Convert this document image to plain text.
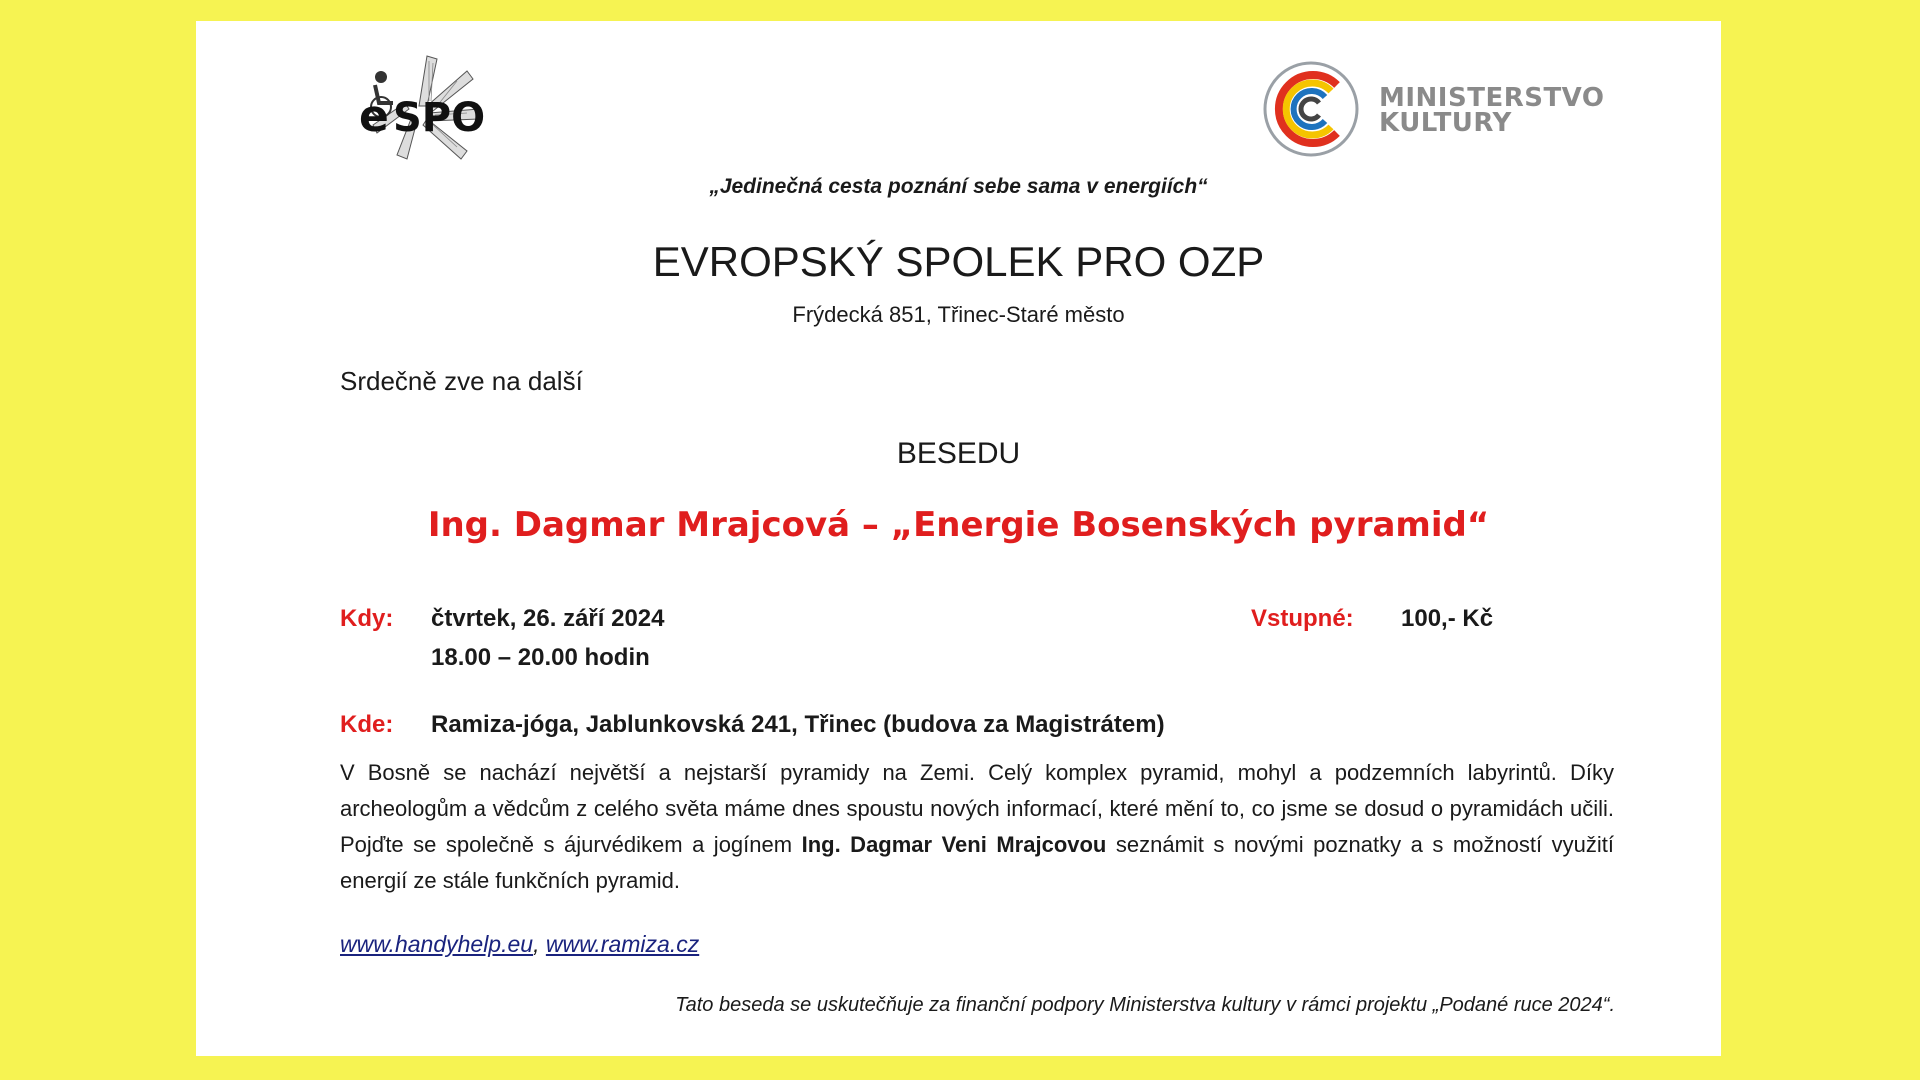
e SPO	MINISTERSTVO
KULTURY
„Jedinečná cesta poznání sebe sama v energiích“
EVROPSKÝ SPOLEK PRO OZP
Frýdecká 851, Třinec-Staré město
Srdečně zve na další
BESEDU
Ing. Dagmar Mrajcová – „Energie Bosenských pyramid“
Kdy: čtvrtek, 26. září 2024
18.00 – 20.00 hodin
Vstupné: 100,- Kč
Kde: Ramiza-jóga, Jablunkovská 241, Třinec (budova za Magistrátem)
V Bosně se nachází největší a nejstarší pyramidy na Zemi. Celý komplex pyramid, mohyl a podzemních labyrintů. Díky archeologům a vědcům z celého světa máme dnes spoustu nových informací, které mění to, co jsme se dosud o pyramidách učili. Pojďte se společně s ájurvédikem a jogínem Ing. Dagmar Veni Mrajcovou seznámit s novými poznatky a s možností využití energií ze stále funkčních pyramid.
www.handyhelp.eu, www.ramiza.cz
Tato beseda se uskutečňuje za finanční podpory Ministerstva kultury v rámci projektu „Podané ruce 2024“.
